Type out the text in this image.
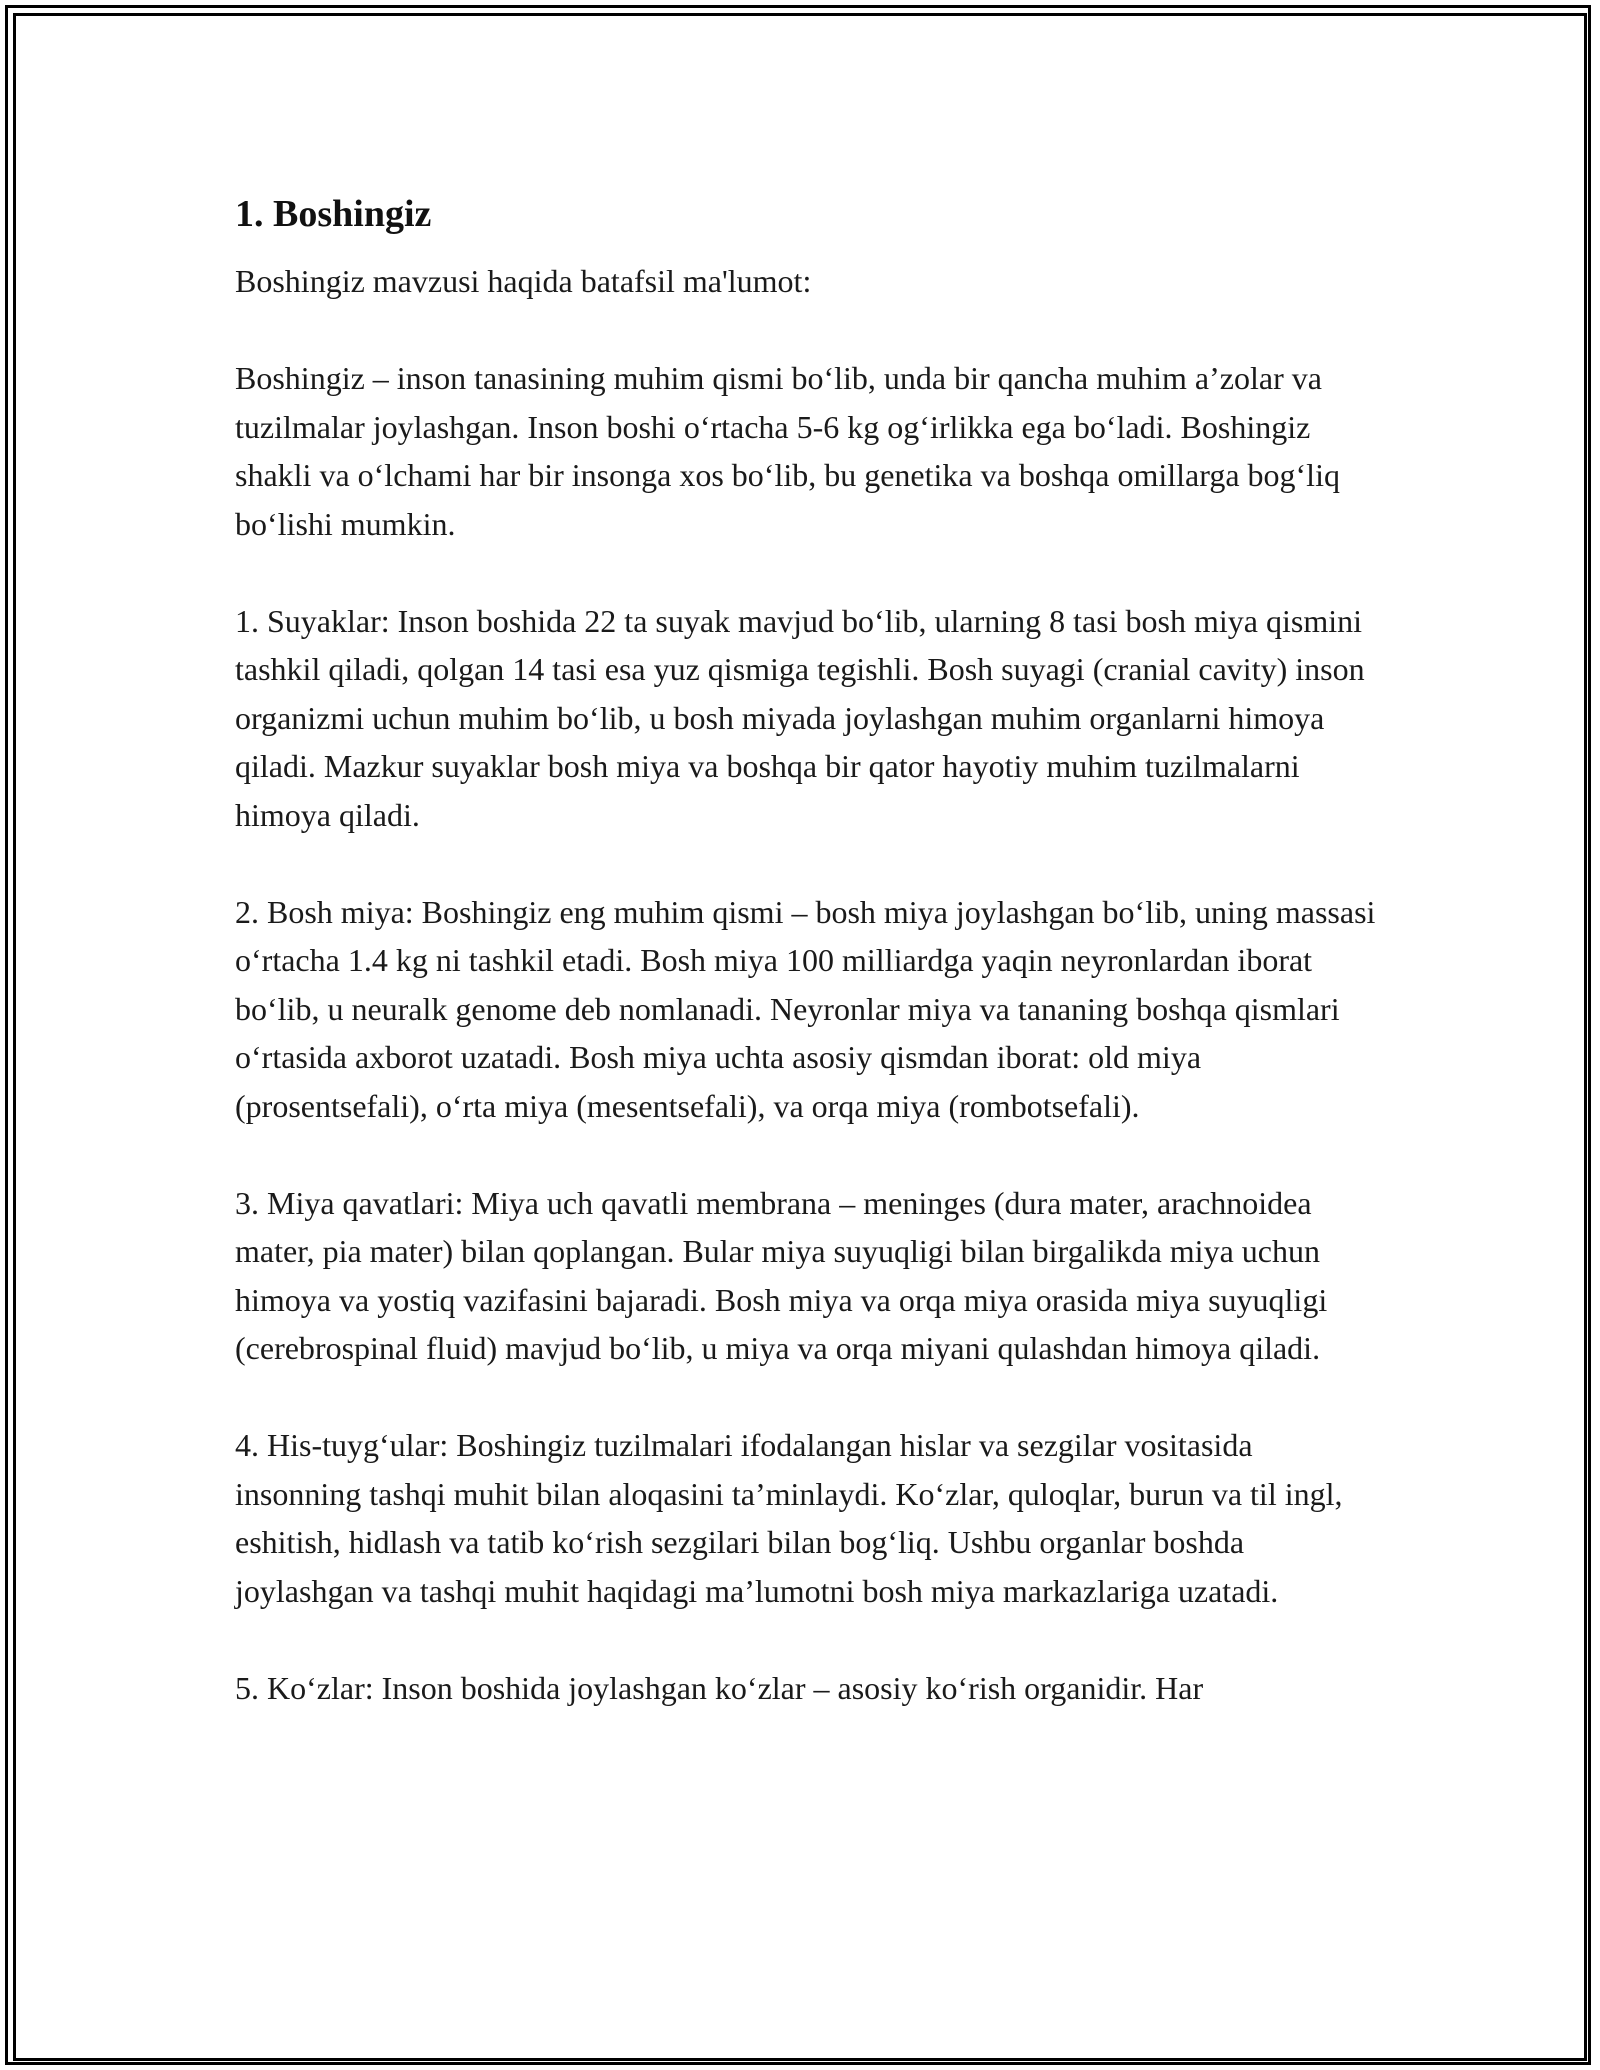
1. Boshingiz

Boshingiz mavzusi haqida batafsil ma'lumot:

Boshingiz – inson tanasining muhim qismi bo‘lib, unda bir qancha muhim a’zolar va tuzilmalar joylashgan. Inson boshi o‘rtacha 5-6 kg og‘irlikka ega bo‘ladi. Boshingiz shakli va o‘lchami har bir insonga xos bo‘lib, bu genetika va boshqa omillarga bog‘liq bo‘lishi mumkin.

1. Suyaklar: Inson boshida 22 ta suyak mavjud bo‘lib, ularning 8 tasi bosh miya qismini tashkil qiladi, qolgan 14 tasi esa yuz qismiga tegishli. Bosh suyagi (cranial cavity) inson organizmi uchun muhim bo‘lib, u bosh miyada joylashgan muhim organlarni himoya qiladi. Mazkur suyaklar bosh miya va boshqa bir qator hayotiy muhim tuzilmalarni himoya qiladi.

2. Bosh miya: Boshingiz eng muhim qismi – bosh miya joylashgan bo‘lib, uning massasi o‘rtacha 1.4 kg ni tashkil etadi. Bosh miya 100 milliardga yaqin neyronlardan iborat bo‘lib, u neuralk genome deb nomlanadi. Neyronlar miya va tananing boshqa qismlari o‘rtasida axborot uzatadi. Bosh miya uchta asosiy qismdan iborat: old miya (prosentsefali), o‘rta miya (mesentsefali), va orqa miya (rombotsefali).

3. Miya qavatlari: Miya uch qavatli membrana – meninges (dura mater, arachnoidea mater, pia mater) bilan qoplangan. Bular miya suyuqligi bilan birgalikda miya uchun himoya va yostiq vazifasini bajaradi. Bosh miya va orqa miya orasida miya suyuqligi (cerebrospinal fluid) mavjud bo‘lib, u miya va orqa miyani qulashdan himoya qiladi.

4. His-tuyg‘ular: Boshingiz tuzilmalari ifodalangan hislar va sezgilar vositasida insonning tashqi muhit bilan aloqasini ta’minlaydi. Ko‘zlar, quloqlar, burun va til ingl, eshitish, hidlash va tatib ko‘rish sezgilari bilan bog‘liq. Ushbu organlar boshda joylashgan va tashqi muhit haqidagi ma’lumotni bosh miya markazlariga uzatadi.

5. Ko‘zlar: Inson boshida joylashgan ko‘zlar – asosiy ko‘rish organidir. Har
